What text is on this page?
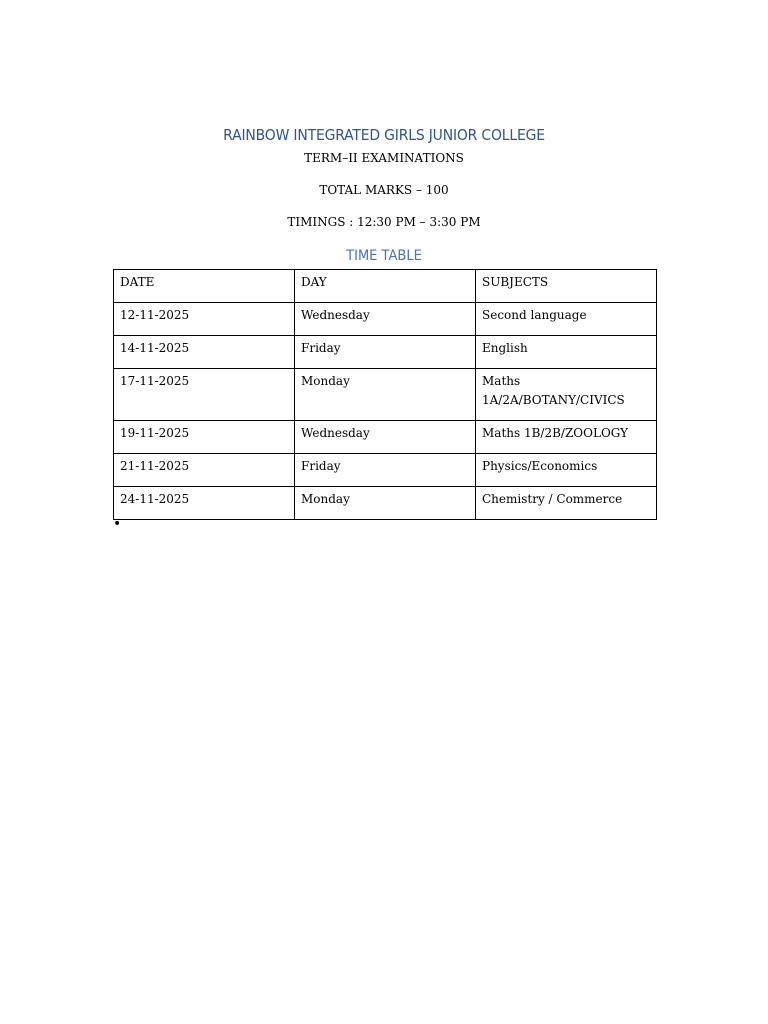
RAINBOW INTEGRATED GIRLS JUNIOR COLLEGE
TERM–II EXAMINATIONS
TOTAL MARKS – 100
TIMINGS : 12:30 PM – 3:30 PM
TIME TABLE
DATE	DAY	SUBJECTS
12-11-2025	Wednesday	Second language
14-11-2025	Friday	English
17-11-2025	Monday	Maths 1A/2A/BOTANY/CIVICS
19-11-2025	Wednesday	Maths 1B/2B/ZOOLOGY
21-11-2025	Friday	Physics/Economics
24-11-2025	Monday	Chemistry / Commerce
•
